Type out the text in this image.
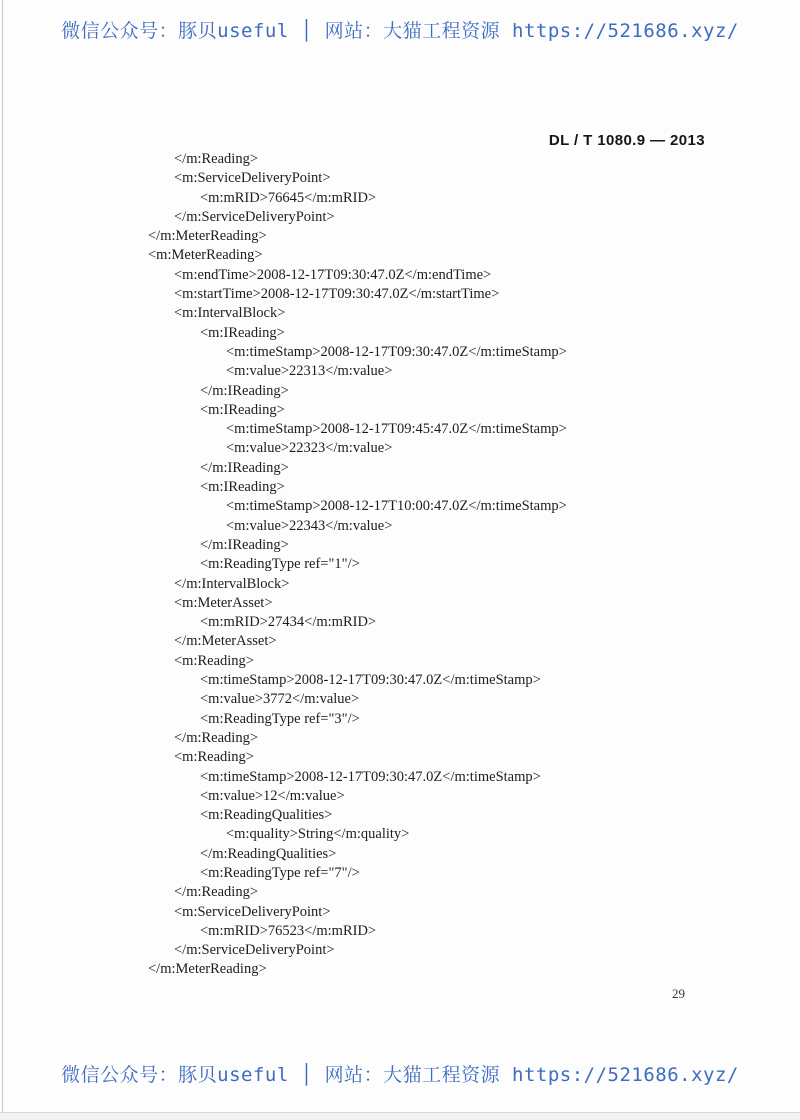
微信公众号：豚贝useful │ 网站：大猫工程资源 https://521686.xyz/
DL / T 1080.9 — 2013
</m:Reading>
<m:ServiceDeliveryPoint>
<m:mRID>76645</m:mRID>
</m:ServiceDeliveryPoint>
</m:MeterReading>
<m:MeterReading>
<m:endTime>2008-12-17T09:30:47.0Z</m:endTime>
<m:startTime>2008-12-17T09:30:47.0Z</m:startTime>
<m:IntervalBlock>
<m:IReading>
<m:timeStamp>2008-12-17T09:30:47.0Z</m:timeStamp>
<m:value>22313</m:value>
</m:IReading>
<m:IReading>
<m:timeStamp>2008-12-17T09:45:47.0Z</m:timeStamp>
<m:value>22323</m:value>
</m:IReading>
<m:IReading>
<m:timeStamp>2008-12-17T10:00:47.0Z</m:timeStamp>
<m:value>22343</m:value>
</m:IReading>
<m:ReadingType ref="1"/>
</m:IntervalBlock>
<m:MeterAsset>
<m:mRID>27434</m:mRID>
</m:MeterAsset>
<m:Reading>
<m:timeStamp>2008-12-17T09:30:47.0Z</m:timeStamp>
<m:value>3772</m:value>
<m:ReadingType ref="3"/>
</m:Reading>
<m:Reading>
<m:timeStamp>2008-12-17T09:30:47.0Z</m:timeStamp>
<m:value>12</m:value>
<m:ReadingQualities>
<m:quality>String</m:quality>
</m:ReadingQualities>
<m:ReadingType ref="7"/>
</m:Reading>
<m:ServiceDeliveryPoint>
<m:mRID>76523</m:mRID>
</m:ServiceDeliveryPoint>
</m:MeterReading>
29
微信公众号：豚贝useful │ 网站：大猫工程资源 https://521686.xyz/
